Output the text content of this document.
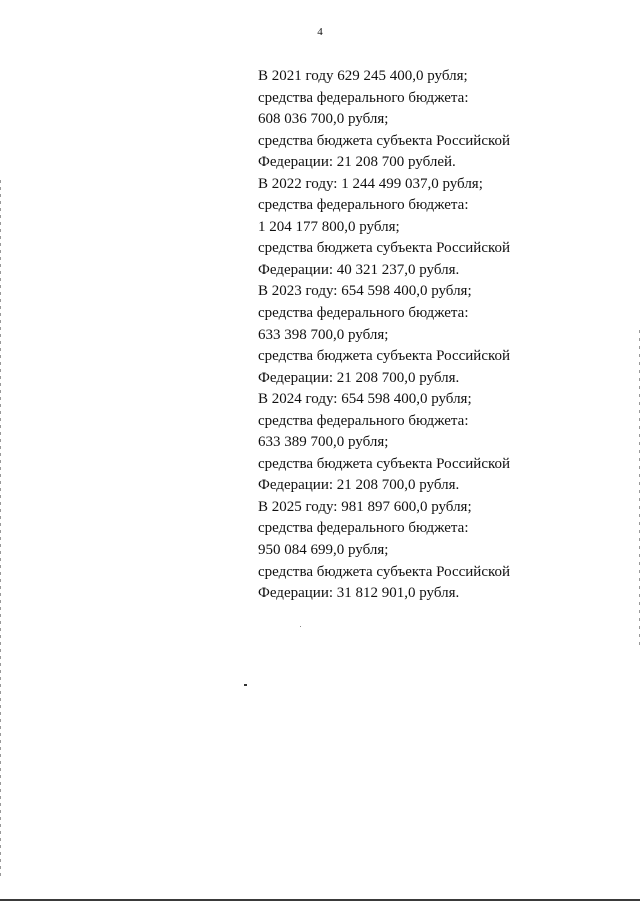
4
В 2021 году 629 245 400,0 рубля;
средства федерального бюджета:
608 036 700,0 рубля;
средства бюджета субъекта Российской
Федерации: 21 208 700 рублей.
В 2022 году: 1 244 499 037,0 рубля;
средства федерального бюджета:
1 204 177 800,0 рубля;
средства бюджета субъекта Российской
Федерации: 40 321 237,0 рубля.
В 2023 году: 654 598 400,0 рубля;
средства федерального бюджета:
633 398 700,0 рубля;
средства бюджета субъекта Российской
Федерации: 21 208 700,0 рубля.
В 2024 году: 654 598 400,0 рубля;
средства федерального бюджета:
633 389 700,0 рубля;
средства бюджета субъекта Российской
Федерации: 21 208 700,0 рубля.
В 2025 году: 981 897 600,0 рубля;
средства федерального бюджета:
950 084 699,0 рубля;
средства бюджета субъекта Российской
Федерации: 31 812 901,0 рубля.
